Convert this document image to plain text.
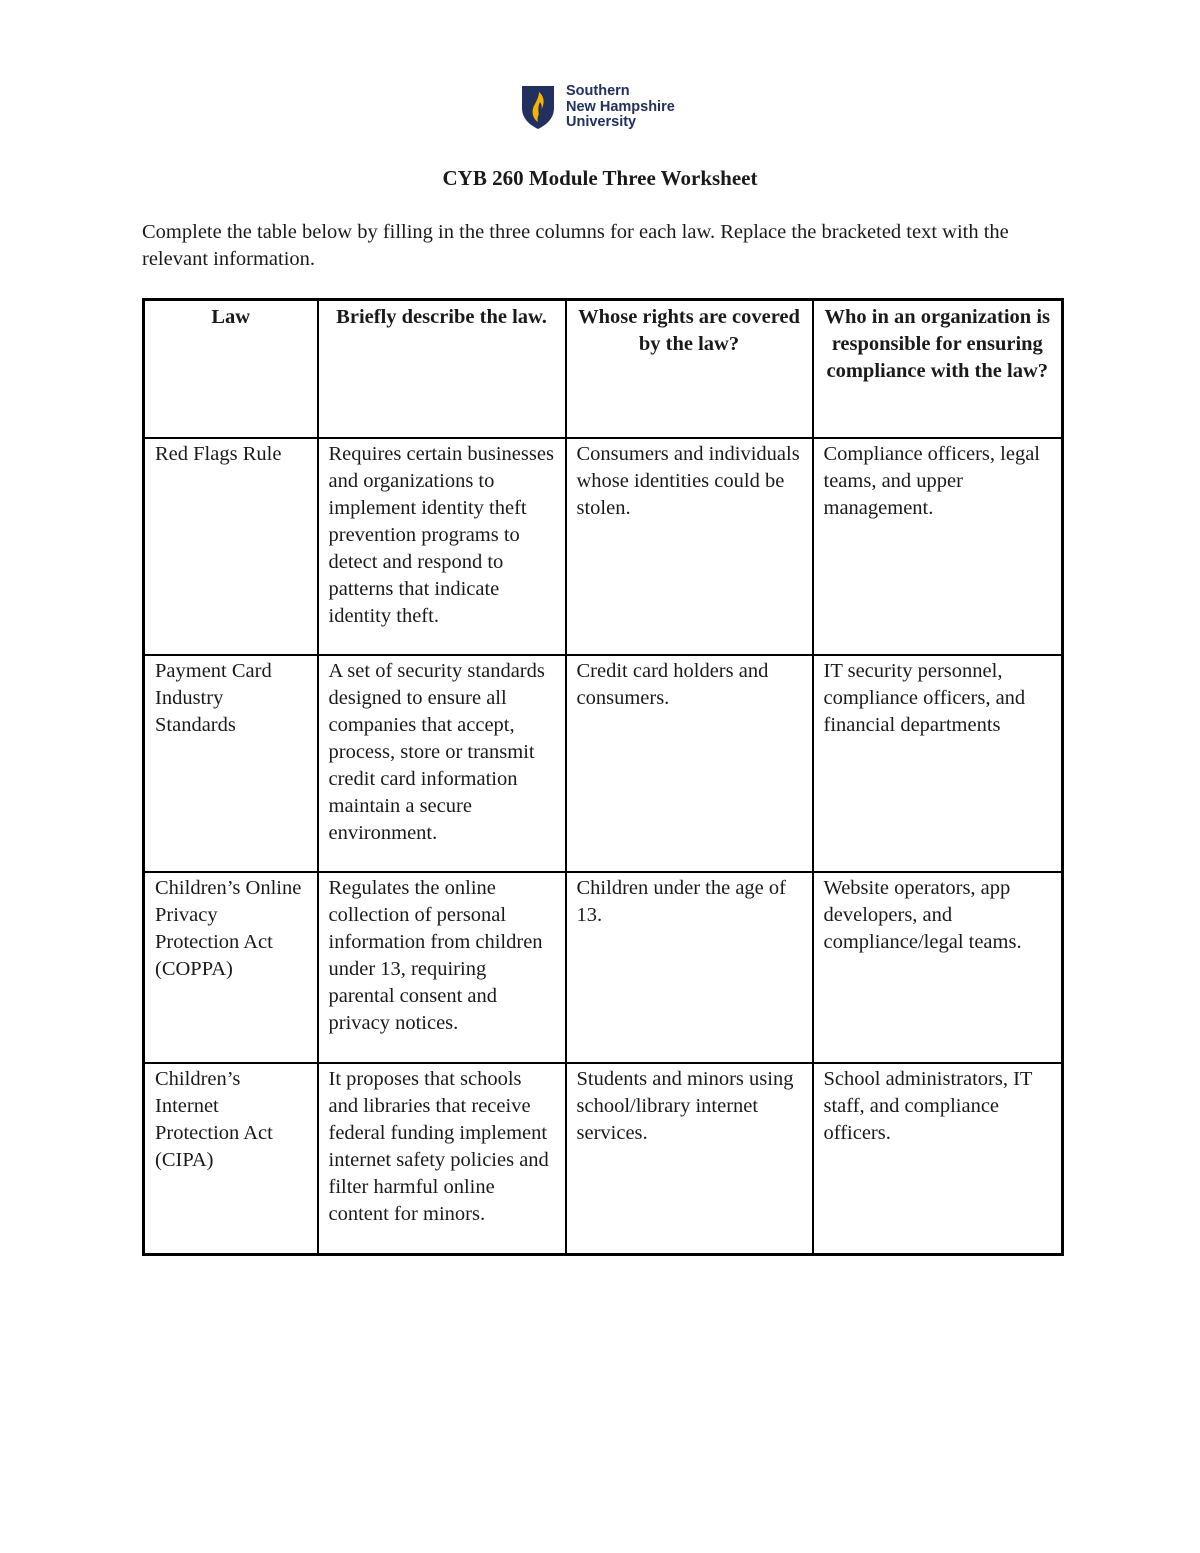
Southern
New Hampshire
University
CYB 260 Module Three Worksheet
Complete the table below by filling in the three columns for each law. Replace the bracketed text with the relevant information.
Law	Briefly describe the law.	Whose rights are covered by the law?	Who in an organization is responsible for ensuring compliance with the law?
Red Flags Rule	Requires certain businesses and organizations to implement identity theft prevention programs to detect and respond to patterns that indicate identity theft.	Consumers and individuals whose identities could be stolen.	Compliance officers, legal teams, and upper management.
Payment Card Industry Standards	A set of security standards designed to ensure all companies that accept, process, store or transmit credit card information maintain a secure environment.	Credit card holders and consumers.	IT security personnel, compliance officers, and financial departments
Children’s Online Privacy Protection Act (COPPA)	Regulates the online collection of personal information from children under 13, requiring parental consent and privacy notices.	Children under the age of 13.	Website operators, app developers, and compliance/legal teams.
Children’s Internet Protection Act (CIPA)	It proposes that schools and libraries that receive federal funding implement internet safety policies and filter harmful online content for minors.	Students and minors using school/library internet services.	School administrators, IT staff, and compliance officers.
